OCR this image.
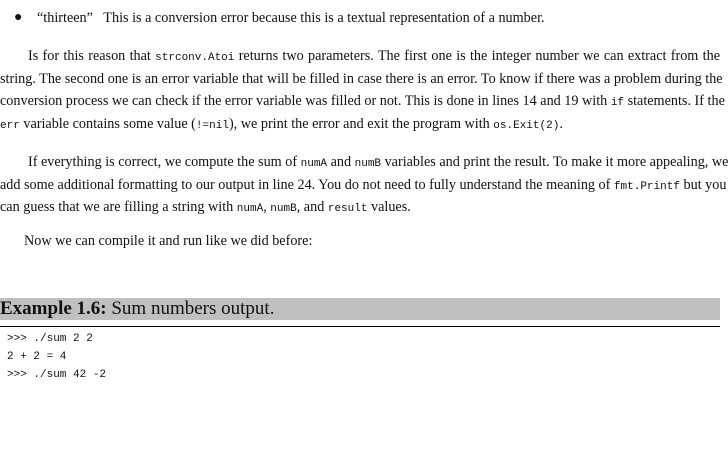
● “thirteen”   This is a conversion error because this is a textual representation of a number.
Is for this reason that strconv.Atoi returns two parameters. The first one is the integer number we can extract from the
string. The second one is an error variable that will be filled in case there is an error. To know if there was a problem during the
conversion process we can check if the error variable was filled or not. This is done in lines 14 and 19 with if statements. If the
err variable contains some value (!=nil), we print the error and exit the program with os.Exit(2).
If everything is correct, we compute the sum of numA and numB variables and print the result. To make it more appealing, we
add some additional formatting to our output in line 24. You do not need to fully understand the meaning of fmt.Printf but you
can guess that we are filling a string with numA, numB, and result values.
Now we can compile it and run like we did before:
Example 1.6: Sum numbers output.
>>> ./sum 2 2
2 + 2 = 4
>>> ./sum 42 -2
